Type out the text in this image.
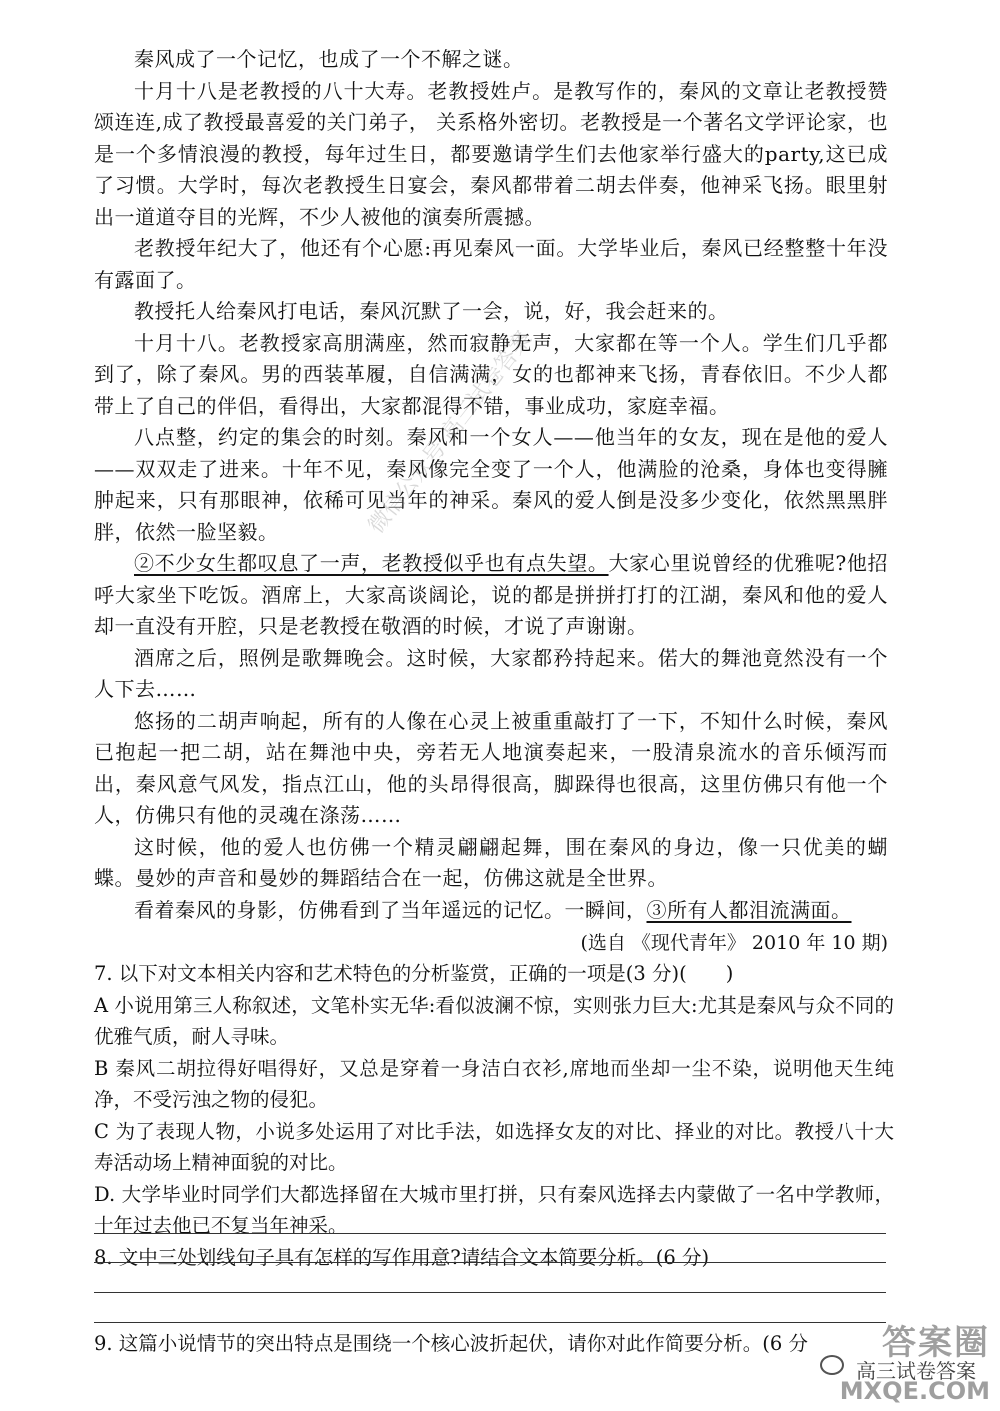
秦风成了一个记忆，也成了一个不解之谜。

十月十八是老教授的八十大寿。老教授姓卢。是教写作的，秦风的文章让老教授赞颂连连,成了教授最喜爱的关门弟子， 关系格外密切。老教授是一个著名文学评论家，也是一个多情浪漫的教授，每年过生日，都要邀请学生们去他家举行盛大的party,这已成了习惯。大学时，每次老教授生日宴会，秦风都带着二胡去伴奏，他神采飞扬。眼里射出一道道夺目的光辉，不少人被他的演奏所震撼。

老教授年纪大了，他还有个心愿:再见秦风一面。大学毕业后，秦风已经整整十年没有露面了。

教授托人给秦风打电话，秦风沉默了一会，说，好，我会赶来的。

十月十八。老教授家高朋满座，然而寂静无声，大家都在等一个人。学生们几乎都到了，除了秦风。男的西装革履，自信满满，女的也都神来飞扬，青春依旧。不少人都带上了自己的伴侣，看得出，大家都混得不错，事业成功，家庭幸福。

八点整，约定的集会的时刻。秦风和一个女人——他当年的女友，现在是他的爱人——双双走了进来。十年不见，秦风像完全变了一个人，他满脸的沧桑，身体也变得臃肿起来，只有那眼神，依稀可见当年的神采。秦风的爱人倒是没多少变化，依然黑黑胖胖，依然一脸坚毅。

②不少女生都叹息了一声，老教授似乎也有点失望。大家心里说曾经的优雅呢?他招呼大家坐下吃饭。酒席上，大家高谈阔论，说的都是拼拼打打的江湖，秦风和他的爱人却一直没有开腔，只是老教授在敬酒的时候，才说了声谢谢。

酒席之后，照例是歌舞晚会。这时候，大家都矜持起来。偌大的舞池竟然没有一个人下去……

悠扬的二胡声响起，所有的人像在心灵上被重重敲打了一下，不知什么时候，秦风已抱起一把二胡，站在舞池中央，旁若无人地演奏起来，一股清泉流水的音乐倾泻而出，秦风意气风发，指点江山，他的头昂得很高，脚跺得也很高，这里仿佛只有他一个人，仿佛只有他的灵魂在涤荡……

这时候，他的爱人也仿佛一个精灵翩翩起舞，围在秦风的身边，像一只优美的蝴蝶。曼妙的声音和曼妙的舞蹈结合在一起，仿佛这就是全世界。

看着秦风的身影，仿佛看到了当年遥远的记忆。一瞬间，③所有人都泪流满面。

(选自 《现代青年》 2010 年 10 期)

7. 以下对文本相关内容和艺术特色的分析鉴赏，正确的一项是(3 分)(　　)

A 小说用第三人称叙述，文笔朴实无华:看似波澜不惊，实则张力巨大:尤其是秦风与众不同的优雅气质，耐人寻味。

B 秦风二胡拉得好唱得好，又总是穿着一身洁白衣衫,席地而坐却一尘不染，说明他天生纯净，不受污浊之物的侵犯。

C 为了表现人物，小说多处运用了对比手法，如选择女友的对比、择业的对比。教授八十大寿活动场上精神面貌的对比。

D. 大学毕业时同学们大都选择留在大城市里打拼，只有秦风选择去内蒙做了一名中学教师，十年过去他已不复当年神采。

8. 文中三处划线句子具有怎样的写作用意?请结合文本简要分析。(6 分)

9. 这篇小说情节的突出特点是围绕一个核心波折起伏，请你对此作简要分析。(6 分

微信公众号 高三试卷答案
答案圈
高三试卷答案
MXQE.COM
